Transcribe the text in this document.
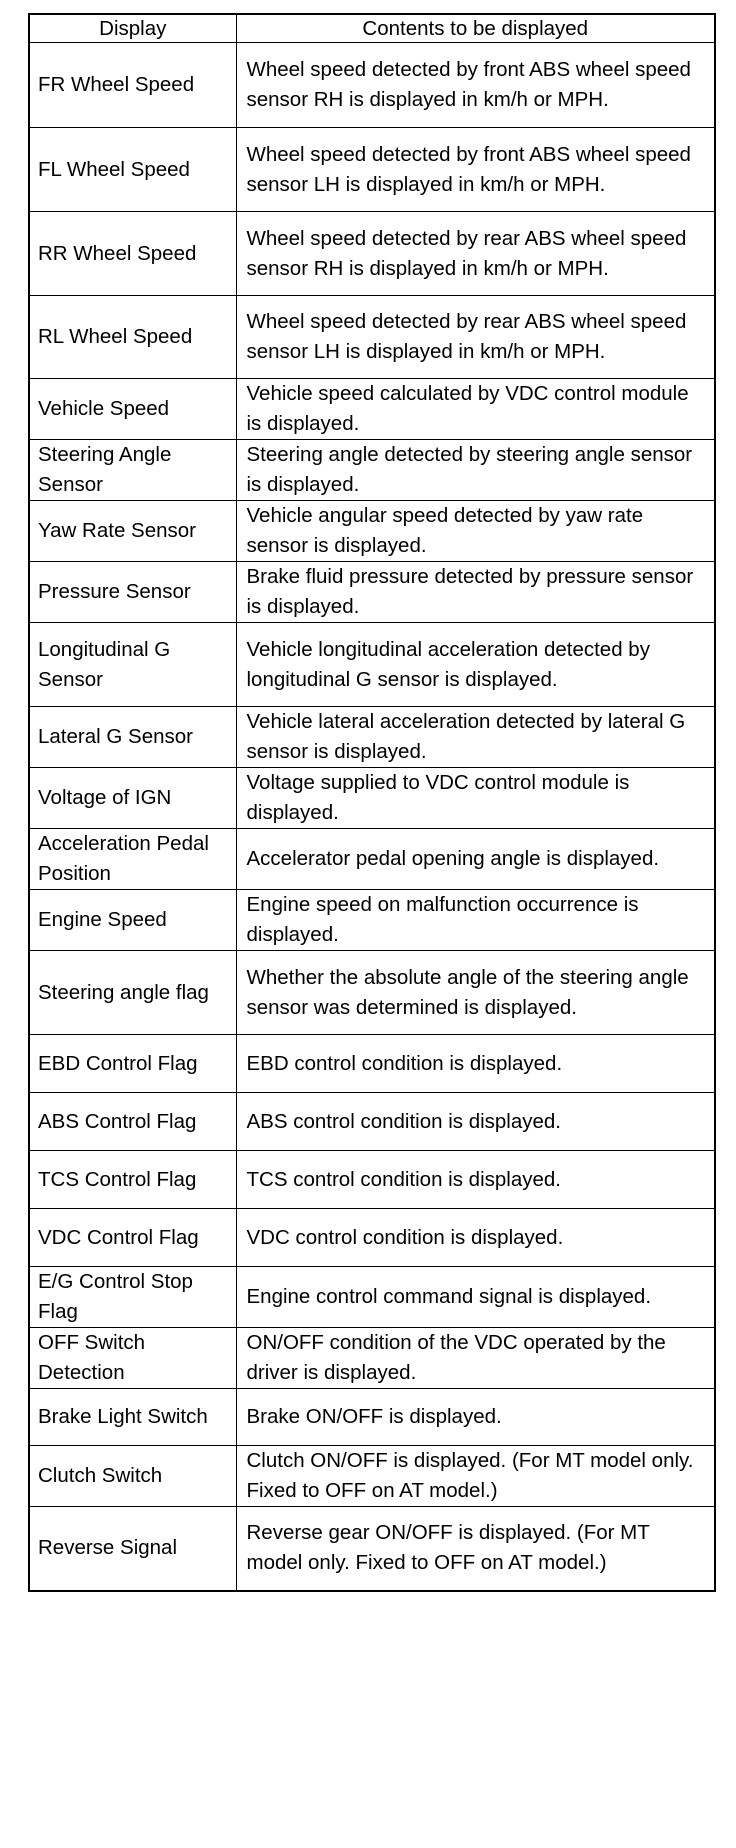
Display	Contents to be displayed
FR Wheel Speed	Wheel speed detected by front ABS wheel speed sensor RH is displayed in km/h or MPH.
FL Wheel Speed	Wheel speed detected by front ABS wheel speed sensor LH is displayed in km/h or MPH.
RR Wheel Speed	Wheel speed detected by rear ABS wheel speed sensor RH is displayed in km/h or MPH.
RL Wheel Speed	Wheel speed detected by rear ABS wheel speed sensor LH is displayed in km/h or MPH.
Vehicle Speed	Vehicle speed calculated by VDC control module is displayed.
Steering Angle Sensor	Steering angle detected by steering angle sensor is displayed.
Yaw Rate Sensor	Vehicle angular speed detected by yaw rate sensor is displayed.
Pressure Sensor	Brake fluid pressure detected by pressure sensor is displayed.
Longitudinal G Sensor	Vehicle longitudinal acceleration detected by longitudinal G sensor is displayed.
Lateral G Sensor	Vehicle lateral acceleration detected by lateral G sensor is displayed.
Voltage of IGN	Voltage supplied to VDC control module is displayed.
Acceleration Pedal Position	Accelerator pedal opening angle is displayed.
Engine Speed	Engine speed on malfunction occurrence is displayed.
Steering angle flag	Whether the absolute angle of the steering angle sensor was determined is displayed.
EBD Control Flag	EBD control condition is displayed.
ABS Control Flag	ABS control condition is displayed.
TCS Control Flag	TCS control condition is displayed.
VDC Control Flag	VDC control condition is displayed.
E/G Control Stop Flag	Engine control command signal is displayed.
OFF Switch Detection	ON/OFF condition of the VDC operated by the driver is displayed.
Brake Light Switch	Brake ON/OFF is displayed.
Clutch Switch	Clutch ON/OFF is displayed. (For MT model only. Fixed to OFF on AT model.)
Reverse Signal	Reverse gear ON/OFF is displayed. (For MT model only. Fixed to OFF on AT model.)
